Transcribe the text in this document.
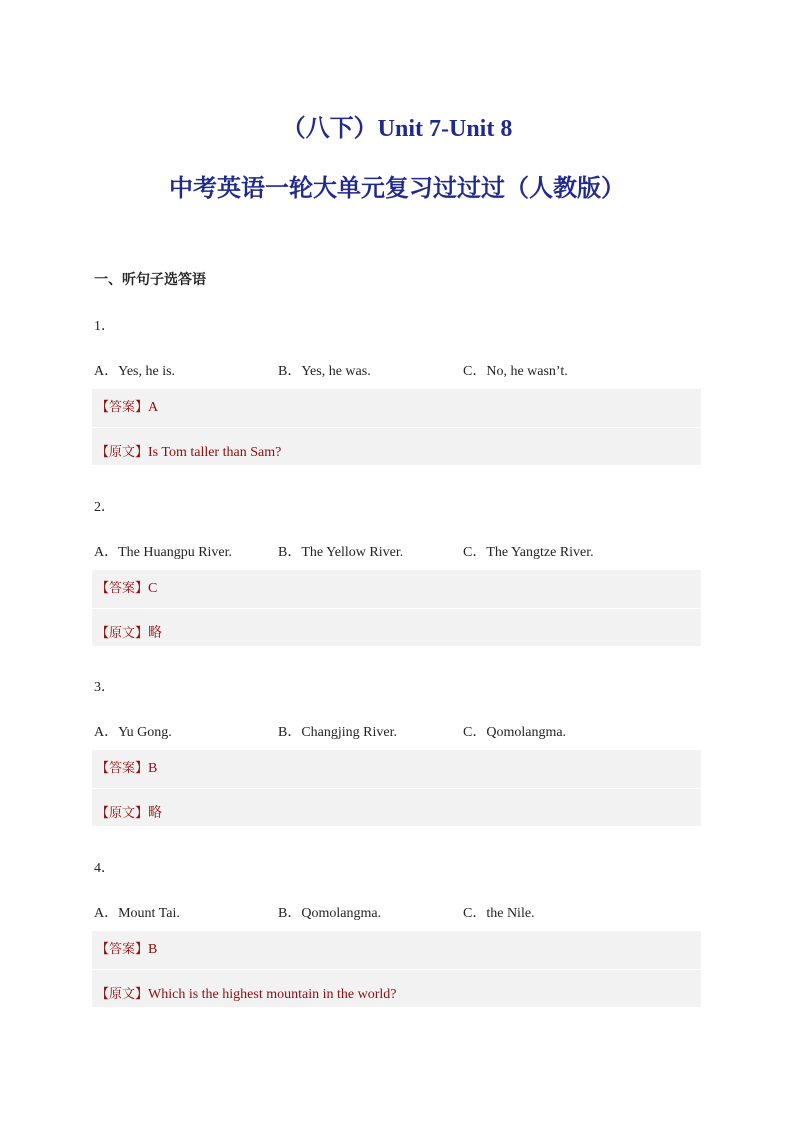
（八下）Unit 7-Unit 8
中考英语一轮大单元复习过过过（人教版）
一、听句子选答语
1．
A．Yes, he is.	B．Yes, he was.	C．No, he wasn’t.
【答案】A
【原文】Is Tom taller than Sam?
2．
A．The Huangpu River.	B．The Yellow River.	C．The Yangtze River.
【答案】C
【原文】略
3．
A．Yu Gong.	B．Changjing River.	C．Qomolangma.
【答案】B
【原文】略
4．
A．Mount Tai.	B．Qomolangma.	C．the Nile.
【答案】B
【原文】Which is the highest mountain in the world?
